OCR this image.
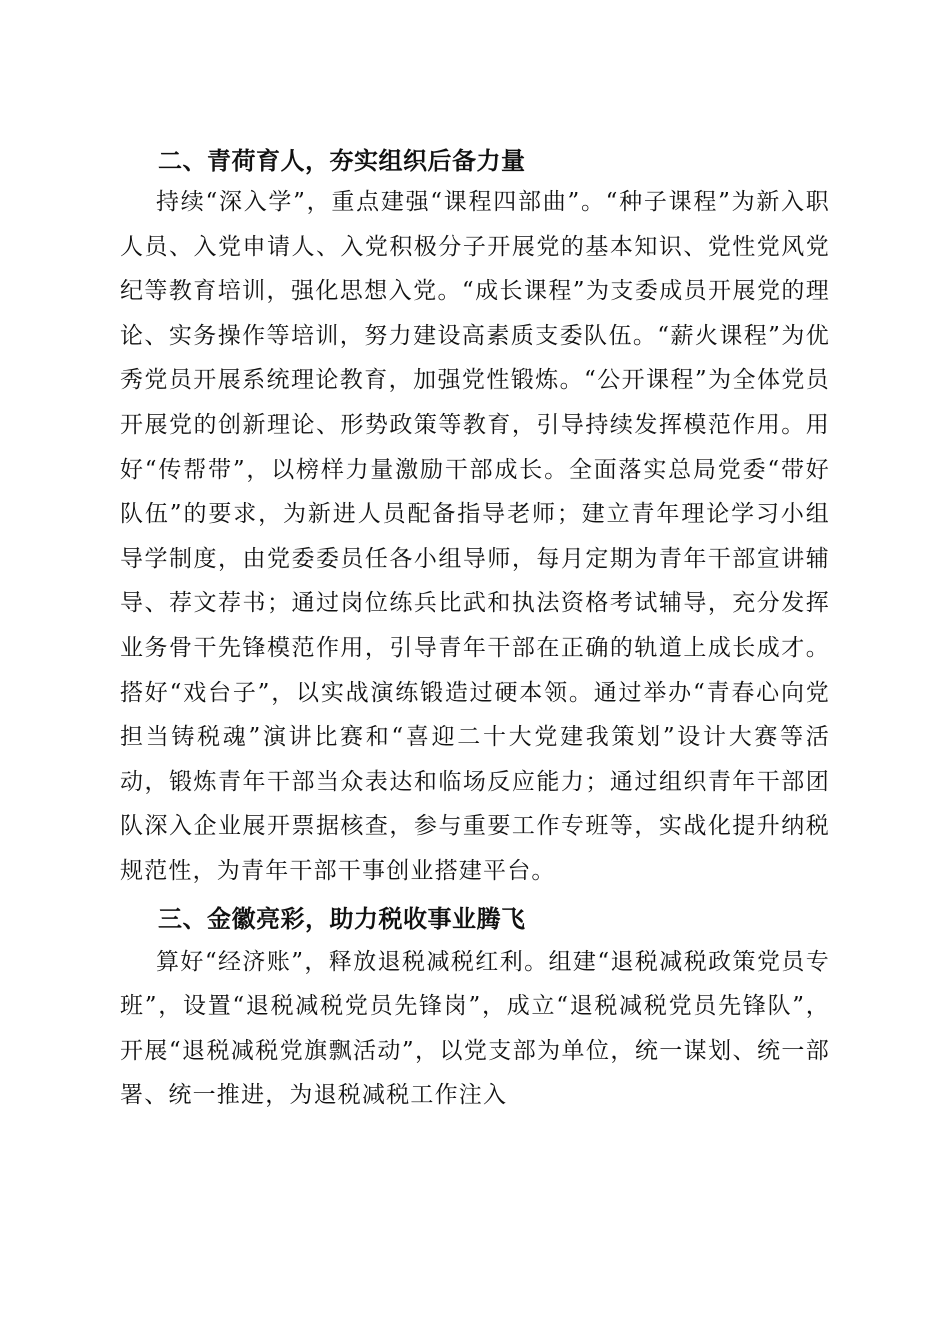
二、青荷育人，夯实组织后备力量

持续“深入学”，重点建强“课程四部曲”。“种子课程”为新入职人员、入党申请人、入党积极分子开展党的基本知识、党性党风党纪等教育培训，强化思想入党。“成长课程”为支委成员开展党的理论、实务操作等培训，努力建设高素质支委队伍。“薪火课程”为优秀党员开展系统理论教育，加强党性锻炼。“公开课程”为全体党员开展党的创新理论、形势政策等教育，引导持续发挥模范作用。用好“传帮带”，以榜样力量激励干部成长。全面落实总局党委“带好队伍”的要求，为新进人员配备指导老师；建立青年理论学习小组导学制度，由党委委员任各小组导师，每月定期为青年干部宣讲辅导、荐文荐书；通过岗位练兵比武和执法资格考试辅导，充分发挥业务骨干先锋模范作用，引导青年干部在正确的轨道上成长成才。搭好“戏台子”，以实战演练锻造过硬本领。通过举办“青春心向党担当铸税魂”演讲比赛和“喜迎二十大党建我策划”设计大赛等活动，锻炼青年干部当众表达和临场反应能力；通过组织青年干部团队深入企业展开票据核查，参与重要工作专班等，实战化提升纳税规范性，为青年干部干事创业搭建平台。

三、金徽亮彩，助力税收事业腾飞

算好“经济账”，释放退税减税红利。组建“退税减税政策党员专班”，设置“退税减税党员先锋岗”，成立“退税减税党员先锋队”，开展“退税减税党旗飘活动”，以党支部为单位，统一谋划、统一部署、统一推进，为退税减税工作注入
